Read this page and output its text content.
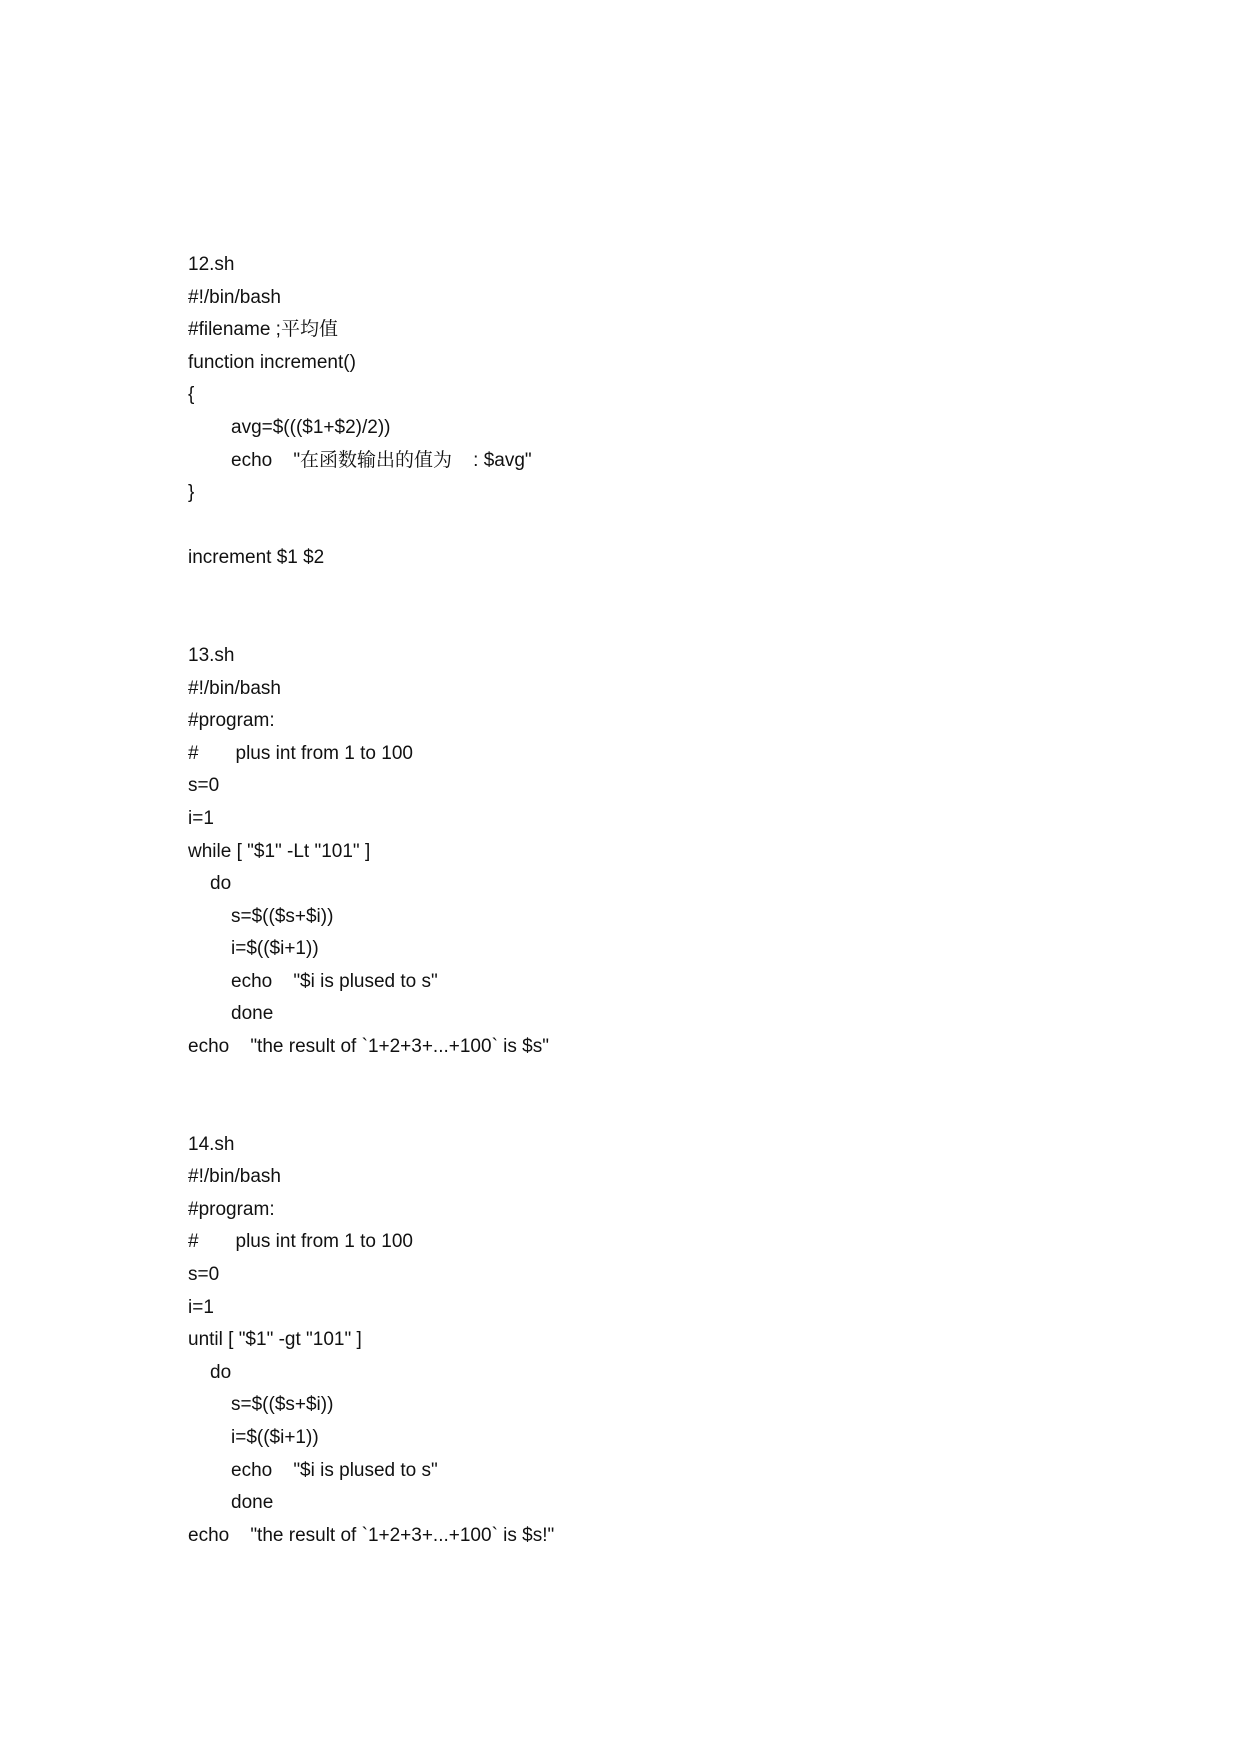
12.sh
#!/bin/bash
#filename ;平均值
function increment()
{
avg=$((($1+$2)/2))
echo    "在函数输出的值为    : $avg"
}
increment $1 $2
13.sh
#!/bin/bash
#program:
#       plus int from 1 to 100
s=0
i=1
while [ "$1" -Lt "101" ]
do
s=$(($s+$i))
i=$(($i+1))
echo    "$i is plused to s"
done
echo    "the result of `1+2+3+...+100` is $s"
14.sh
#!/bin/bash
#program:
#       plus int from 1 to 100
s=0
i=1
until [ "$1" -gt "101" ]
do
s=$(($s+$i))
i=$(($i+1))
echo    "$i is plused to s"
done
echo    "the result of `1+2+3+...+100` is $s!"
